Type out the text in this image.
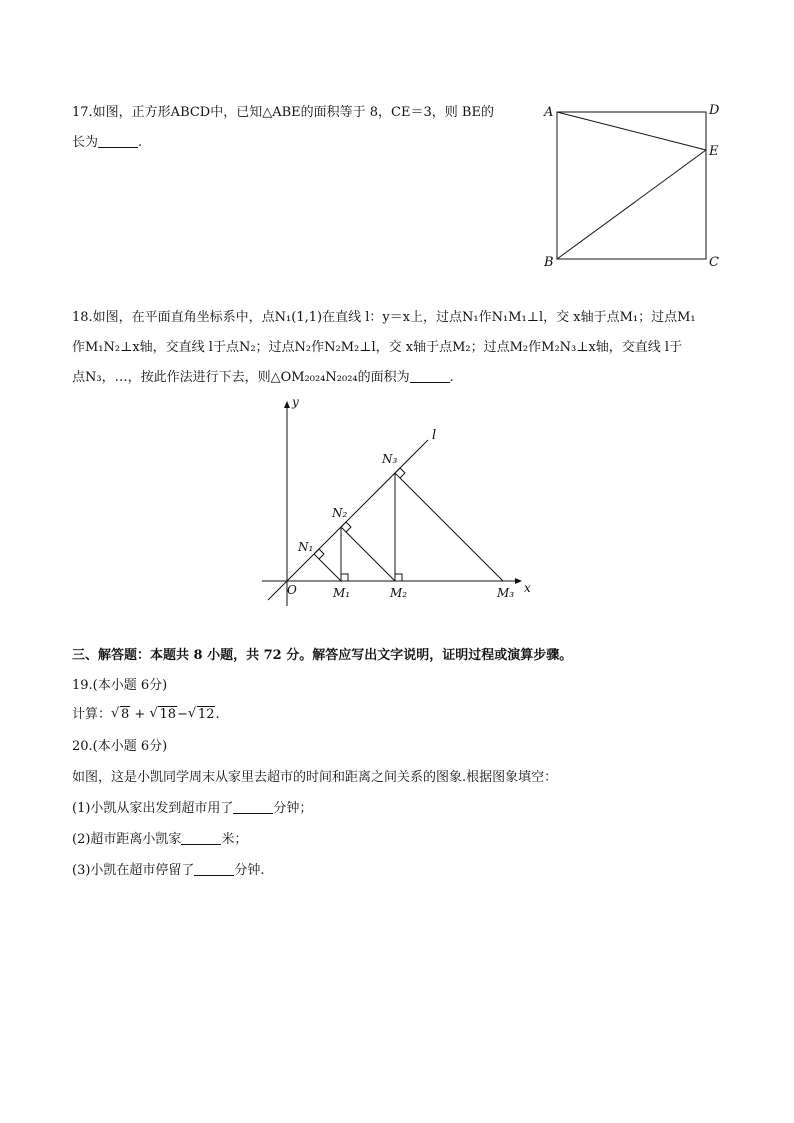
17.如图，正方形ABCD中，已知△ABE的面积等于 8，CE＝3，则 BE的
长为	.
A	D
E
B	C
18.如图，在平面直角坐标系中，点N₁(1,1)在直线 l：y＝x上，过点N₁作N₁M₁⊥l，交 x轴于点M₁；过点M₁
作M₁N₂⊥x轴，交直线 l于点N₂；过点N₂作N₂M₂⊥l，交 x轴于点M₂；过点M₂作M₂N₃⊥x轴，交直线 l于
点N₃，…，按此作法进行下去，则△OM₂₀₂₄N₂₀₂₄的面积为	.
y
x
l
O
N₁
N₂
N₃
M₁	M₂	M₃
三、解答题：本题共 8 小题，共 72 分。解答应写出文字说明，证明过程或演算步骤。
19.(本小题 6分)
计算： √ 8 + √ 18− √ 12.
20.(本小题 6分)
如图，这是小凯同学周末从家里去超市的时间和距离之间关系的图象.根据图象填空：
(1)小凯从家出发到超市用了	分钟；
(2)超市距离小凯家	米；
(3)小凯在超市停留了	分钟.
